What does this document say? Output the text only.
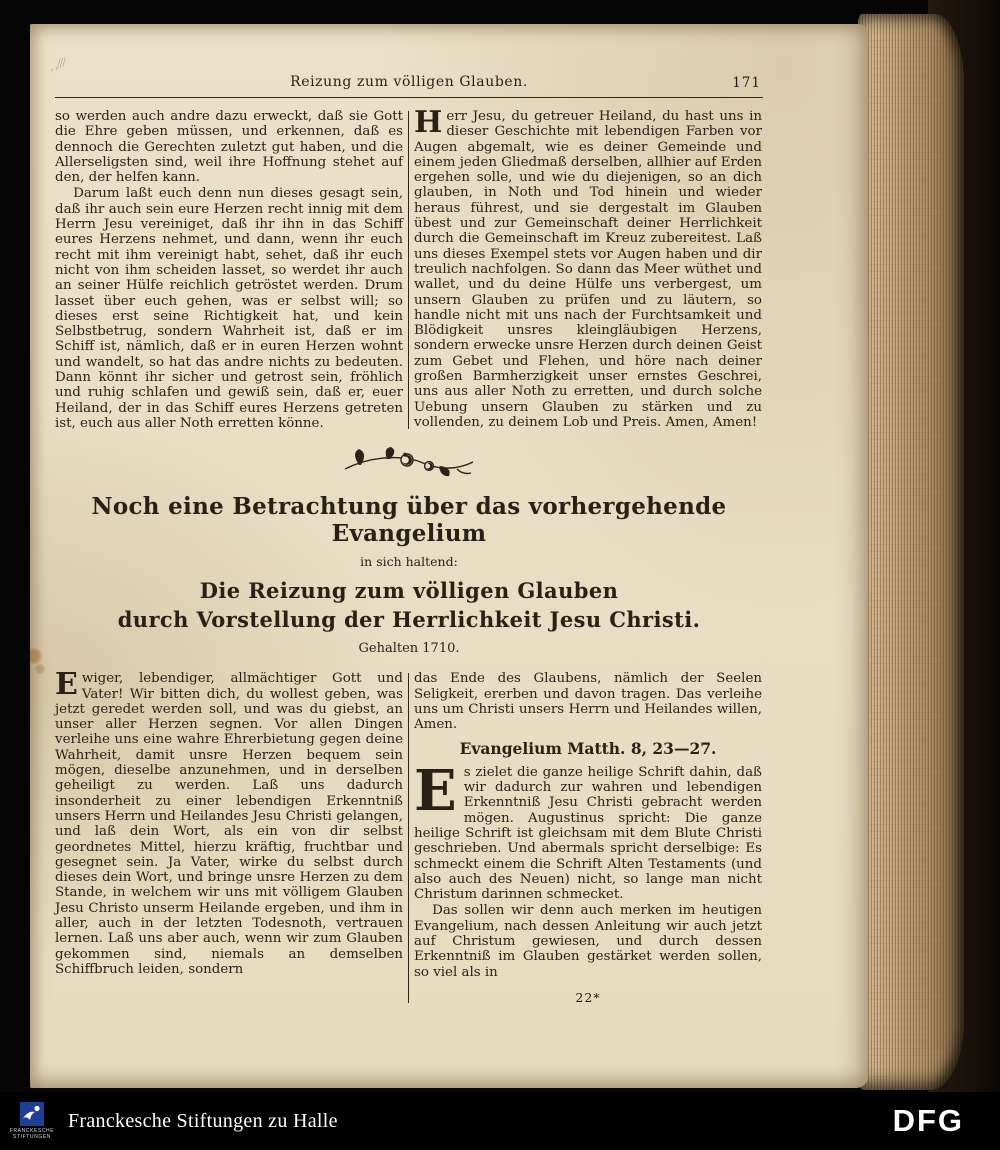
,,⁄⁄⁄
Reizung zum völligen Glauben.	171

so werden auch andre dazu erweckt, daß sie Gott die Ehre geben müssen, und erkennen, daß es dennoch die Gerechten zuletzt gut haben, und die Allerseligsten sind, weil ihre Hoffnung stehet auf den, der helfen kann.

Darum laßt euch denn nun dieses gesagt sein, daß ihr auch sein eure Herzen recht innig mit dem Herrn Jesu vereiniget, daß ihr ihn in das Schiff eures Herzens nehmet, und dann, wenn ihr euch recht mit ihm vereinigt habt, sehet, daß ihr euch nicht von ihm scheiden lasset, so werdet ihr auch an seiner Hülfe reichlich getröstet werden. Drum lasset über euch gehen, was er selbst will; so dieses erst seine Richtigkeit hat, und kein Selbstbetrug, sondern Wahrheit ist, daß er im Schiff ist, nämlich, daß er in euren Herzen wohnt und wandelt, so hat das andre nichts zu bedeuten. Dann könnt ihr sicher und getrost sein, fröhlich und ruhig schlafen und gewiß sein, daß er, euer Heiland, der in das Schiff eures Herzens getreten ist, euch aus aller Noth erretten könne.

Herr Jesu, du getreuer Heiland, du hast uns in dieser Geschichte mit lebendigen Farben vor Augen abgemalt, wie es deiner Gemeinde und einem jeden Gliedmaß derselben, allhier auf Erden ergehen solle, und wie du diejenigen, so an dich glauben, in Noth und Tod hinein und wieder heraus führest, und sie dergestalt im Glauben übest und zur Gemeinschaft deiner Herrlichkeit durch die Gemeinschaft im Kreuz zubereitest. Laß uns dieses Exempel stets vor Augen haben und dir treulich nachfolgen. So dann das Meer wüthet und wallet, und du deine Hülfe uns verbergest, um unsern Glauben zu prüfen und zu läutern, so handle nicht mit uns nach der Furchtsamkeit und Blödigkeit unsres kleingläubigen Herzens, sondern erwecke unsre Herzen durch deinen Geist zum Gebet und Flehen, und höre nach deiner großen Barmherzigkeit unser ernstes Geschrei, uns aus aller Noth zu erretten, und durch solche Uebung unsern Glauben zu stärken und zu vollenden, zu deinem Lob und Preis. Amen, Amen!

Noch eine Betrachtung über das vorhergehende Evangelium
in sich haltend:
Die Reizung zum völligen Glauben
durch Vorstellung der Herrlichkeit Jesu Christi.
Gehalten 1710.

Ewiger, lebendiger, allmächtiger Gott und Vater! Wir bitten dich, du wollest geben, was jetzt geredet werden soll, und was du giebst, an unser aller Herzen segnen. Vor allen Dingen verleihe uns eine wahre Ehrerbietung gegen deine Wahrheit, damit unsre Herzen bequem sein mögen, dieselbe anzunehmen, und in derselben geheiligt zu werden. Laß uns dadurch insonderheit zu einer lebendigen Erkenntniß unsers Herrn und Heilandes Jesu Christi gelangen, und laß dein Wort, als ein von dir selbst geordnetes Mittel, hierzu kräftig, fruchtbar und gesegnet sein. Ja Vater, wirke du selbst durch dieses dein Wort, und bringe unsre Herzen zu dem Stande, in welchem wir uns mit völligem Glauben Jesu Christo unserm Heilande ergeben, und ihm in aller, auch in der letzten Todesnoth, vertrauen lernen. Laß uns aber auch, wenn wir zum Glauben gekommen sind, niemals an demselben Schiffbruch leiden, sondern

das Ende des Glaubens, nämlich der Seelen Seligkeit, ererben und davon tragen. Das verleihe uns um Christi unsers Herrn und Heilandes willen, Amen.

Evangelium Matth. 8, 23—27.

Es zielet die ganze heilige Schrift dahin, daß wir dadurch zur wahren und lebendigen Erkenntniß Jesu Christi gebracht werden mögen. Augustinus spricht: Die ganze heilige Schrift ist gleichsam mit dem Blute Christi geschrieben. Und abermals spricht derselbige: Es schmeckt einem die Schrift Alten Testaments (und also auch des Neuen) nicht, so lange man nicht Christum darinnen schmecket.

Das sollen wir denn auch merken im heutigen Evangelium, nach dessen Anleitung wir auch jetzt auf Christum gewiesen, und durch dessen Erkenntniß im Glauben gestärket werden sollen, so viel als in

22*
FRANCKESCHE
STIFTUNGEN
Franckesche Stiftungen zu Halle	DFG
